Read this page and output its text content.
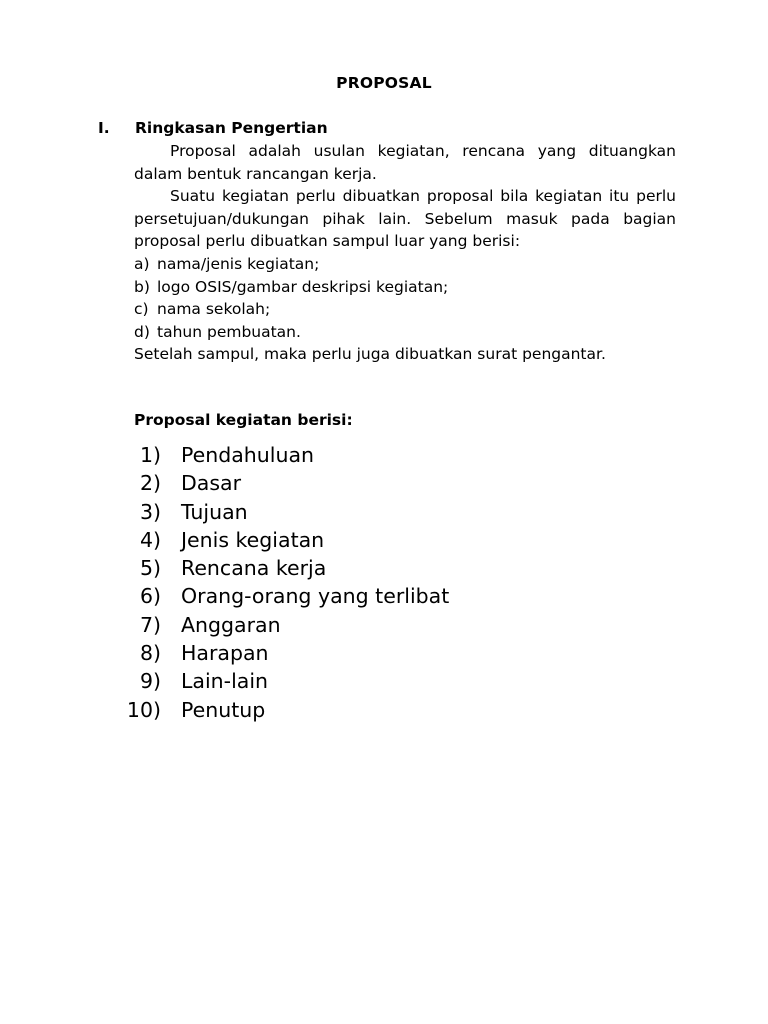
PROPOSAL
I. Ringkasan Pengertian

Proposal adalah usulan kegiatan, rencana yang dituangkan dalam bentuk rancangan kerja.

Suatu kegiatan perlu dibuatkan proposal bila kegiatan itu perlu persetujuan/dukungan pihak lain. Sebelum masuk pada bagian proposal perlu dibuatkan sampul luar yang berisi:

a) nama/jenis kegiatan;
b) logo OSIS/gambar deskripsi kegiatan;
c) nama sekolah;
d) tahun pembuatan.

Setelah sampul, maka perlu juga dibuatkan surat pengantar.

Proposal kegiatan berisi:
1) Pendahuluan
2) Dasar
3) Tujuan
4) Jenis kegiatan
5) Rencana kerja
6) Orang-orang yang terlibat
7) Anggaran
8) Harapan
9) Lain-lain
10) Penutup
